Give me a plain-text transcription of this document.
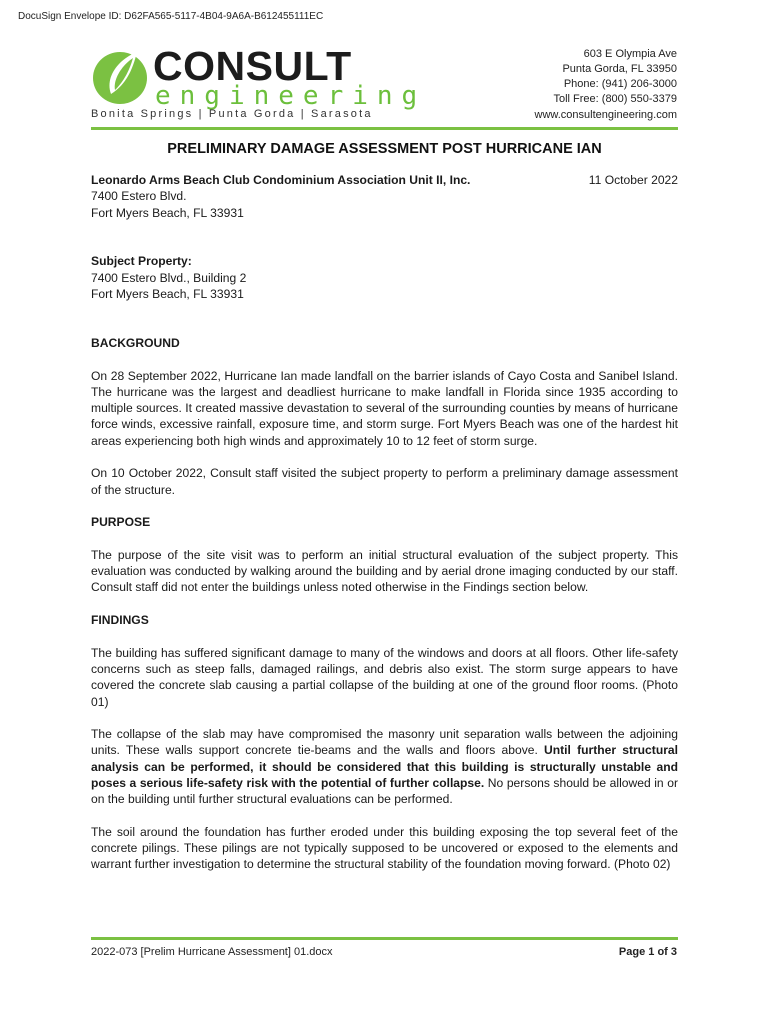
DocuSign Envelope ID: D62FA565-5117-4B04-9A6A-B612455111EC
CONSULT
engineering
Bonita Springs | Punta Gorda | Sarasota
603 E Olympia Ave
Punta Gorda, FL 33950
Phone: (941) 206-3000
Toll Free: (800) 550-3379
www.consultengineering.com
PRELIMINARY DAMAGE ASSESSMENT POST HURRICANE IAN
Leonardo Arms Beach Club Condominium Association Unit II, Inc.	11 October 2022
7400 Estero Blvd.
Fort Myers Beach, FL 33931
Subject Property:
7400 Estero Blvd., Building 2
Fort Myers Beach, FL 33931
BACKGROUND

On 28 September 2022, Hurricane Ian made landfall on the barrier islands of Cayo Costa and Sanibel Island. The hurricane was the largest and deadliest hurricane to make landfall in Florida since 1935 according to multiple sources. It created massive devastation to several of the surrounding counties by means of hurricane force winds, excessive rainfall, exposure time, and storm surge. Fort Myers Beach was one of the hardest hit areas experiencing both high winds and approximately 10 to 12 feet of storm surge.

On 10 October 2022, Consult staff visited the subject property to perform a preliminary damage assessment of the structure.

PURPOSE

The purpose of the site visit was to perform an initial structural evaluation of the subject property. This evaluation was conducted by walking around the building and by aerial drone imaging conducted by our staff. Consult staff did not enter the buildings unless noted otherwise in the Findings section below.

FINDINGS

The building has suffered significant damage to many of the windows and doors at all floors. Other life-safety concerns such as steep falls, damaged railings, and debris also exist. The storm surge appears to have covered the concrete slab causing a partial collapse of the building at one of the ground floor rooms. (Photo 01)

The collapse of the slab may have compromised the masonry unit separation walls between the adjoining units. These walls support concrete tie-beams and the walls and floors above. Until further structural analysis can be performed, it should be considered that this building is structurally unstable and poses a serious life-safety risk with the potential of further collapse. No persons should be allowed in or on the building until further structural evaluations can be performed.

The soil around the foundation has further eroded under this building exposing the top several feet of the concrete pilings. These pilings are not typically supposed to be uncovered or exposed to the elements and warrant further investigation to determine the structural stability of the foundation moving forward. (Photo 02)

2022-073 [Prelim Hurricane Assessment] 01.docx	Page 1 of 3
